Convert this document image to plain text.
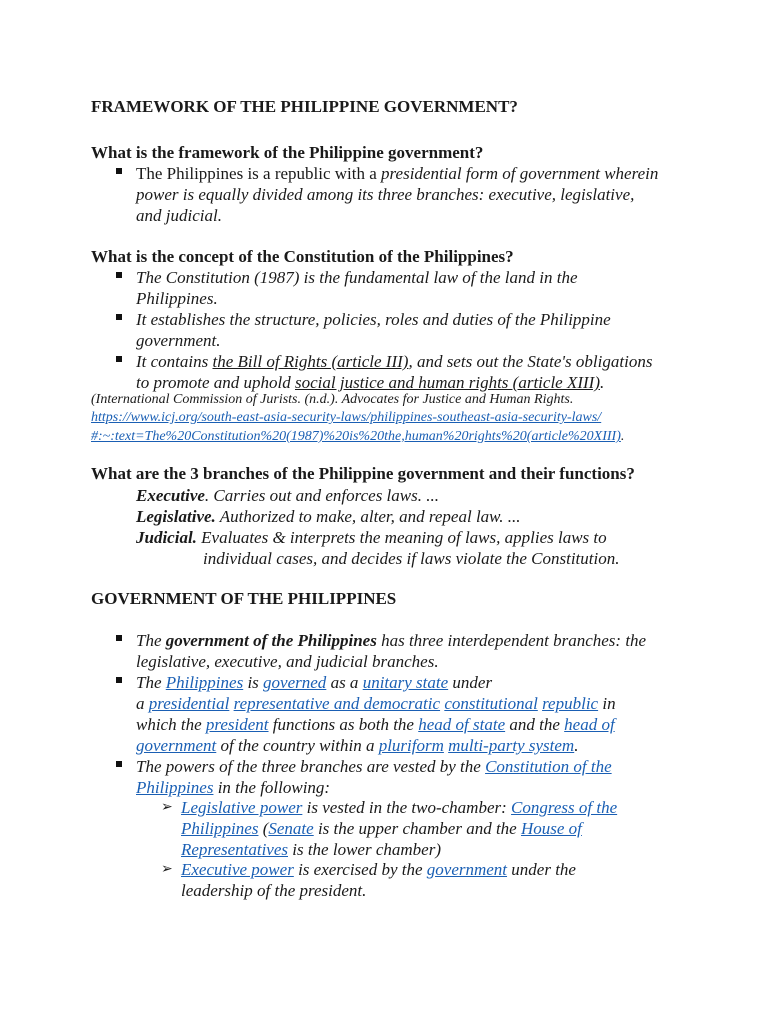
FRAMEWORK OF THE PHILIPPINE GOVERNMENT?
What is the framework of the Philippine government?
The Philippines is a republic with a presidential form of government wherein
power is equally divided among its three branches: executive, legislative,
and judicial.
What is the concept of the Constitution of the Philippines?
The Constitution (1987) is the fundamental law of the land in the
Philippines.
It establishes the structure, policies, roles and duties of the Philippine
government.
It contains the Bill of Rights (article III), and sets out the State's obligations
to promote and uphold social justice and human rights (article XIII).
(International Commission of Jurists. (n.d.). Advocates for Justice and Human Rights.
https://www.icj.org/south-east-asia-security-laws/philippines-southeast-asia-security-laws/
#:~:text=The%20Constitution%20(1987)%20is%20the,human%20rights%20(article%20XIII).
What are the 3 branches of the Philippine government and their functions?
Executive. Carries out and enforces laws. ...
Legislative. Authorized to make, alter, and repeal law. ...
Judicial. Evaluates & interprets the meaning of laws, applies laws to
individual cases, and decides if laws violate the Constitution.
GOVERNMENT OF THE PHILIPPINES
The government of the Philippines has three interdependent branches: the
legislative, executive, and judicial branches.
The Philippines is governed as a unitary state under
a presidential representative and democratic constitutional republic in
which the president functions as both the head of state and the head of
government of the country within a pluriform multi-party system.
The powers of the three branches are vested by the Constitution of the
Philippines in the following:
➢ Legislative power is vested in the two-chamber: Congress of the
Philippines (Senate is the upper chamber and the House of
Representatives is the lower chamber)
➢ Executive power is exercised by the government under the
leadership of the president.
